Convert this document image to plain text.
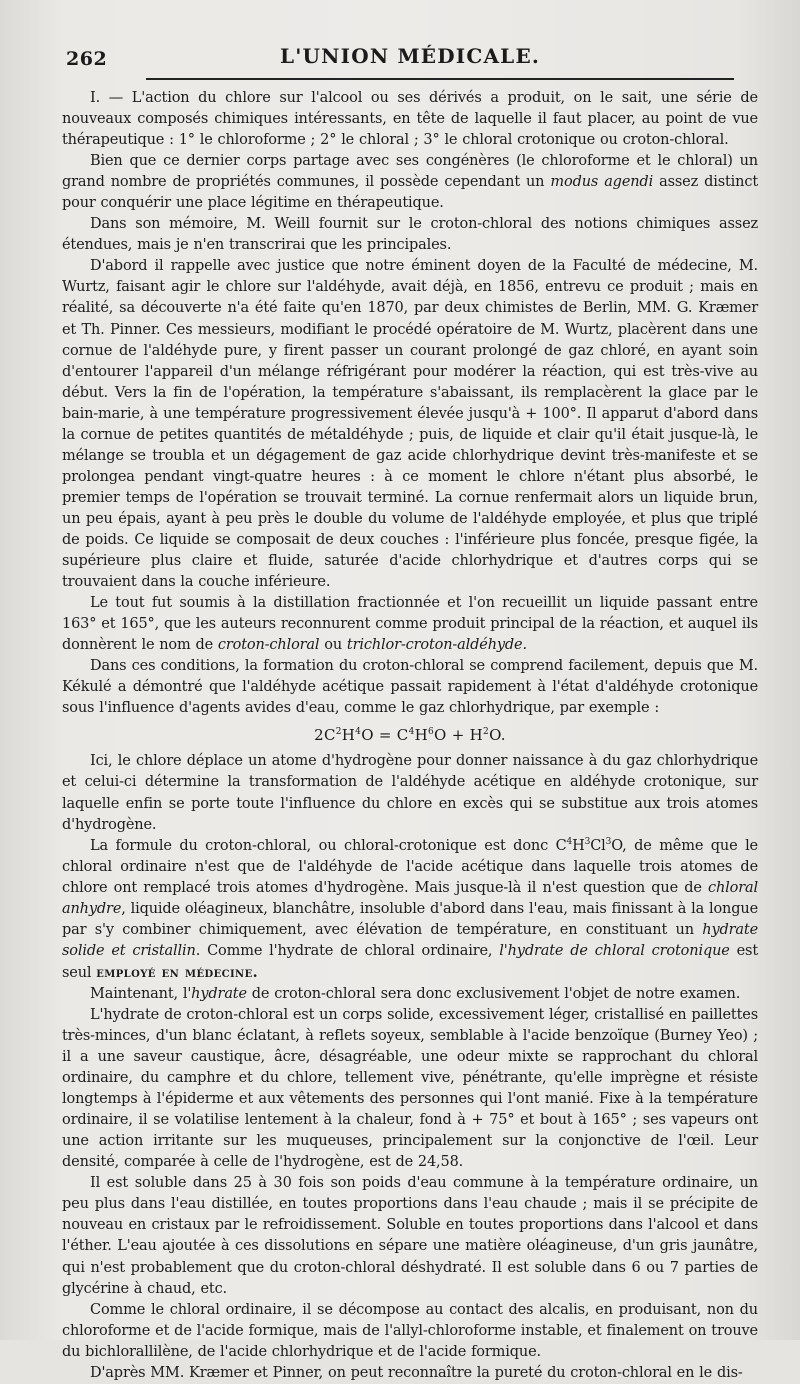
262	L'UNION MÉDICALE.

I. — L'action du chlore sur l'alcool ou ses dérivés a produit, on le sait, une série de nouveaux composés chimiques intéressants, en tête de laquelle il faut placer, au point de vue thérapeutique : 1° le chloroforme ; 2° le chloral ; 3° le chloral crotonique ou croton-chloral.

Bien que ce dernier corps partage avec ses congénères (le chloroforme et le chloral) un grand nombre de propriétés communes, il possède cependant un modus agendi assez distinct pour conquérir une place légitime en thérapeutique.

Dans son mémoire, M. Weill fournit sur le croton-chloral des notions chimiques assez étendues, mais je n'en transcrirai que les principales.

D'abord il rappelle avec justice que notre éminent doyen de la Faculté de médecine, M. Wurtz, faisant agir le chlore sur l'aldéhyde, avait déjà, en 1856, entrevu ce produit ; mais en réalité, sa découverte n'a été faite qu'en 1870, par deux chimistes de Berlin, MM. G. Kræmer et Th. Pinner. Ces messieurs, modifiant le procédé opératoire de M. Wurtz, placèrent dans une cornue de l'aldéhyde pure, y firent passer un courant prolongé de gaz chloré, en ayant soin d'entourer l'appareil d'un mélange réfrigérant pour modérer la réaction, qui est très-vive au début. Vers la fin de l'opération, la température s'abaissant, ils remplacèrent la glace par le bain-marie, à une température progressivement élevée jusqu'à + 100°. Il apparut d'abord dans la cornue de petites quantités de métaldéhyde ; puis, de liquide et clair qu'il était jusque-là, le mélange se troubla et un dégagement de gaz acide chlorhydrique devint très-manifeste et se prolongea pendant vingt-quatre heures : à ce moment le chlore n'étant plus absorbé, le premier temps de l'opération se trouvait terminé. La cornue renfermait alors un liquide brun, un peu épais, ayant à peu près le double du volume de l'aldéhyde employée, et plus que triplé de poids. Ce liquide se composait de deux couches : l'inférieure plus foncée, presque figée, la supérieure plus claire et fluide, saturée d'acide chlorhydrique et d'autres corps qui se trouvaient dans la couche inférieure.

Le tout fut soumis à la distillation fractionnée et l'on recueillit un liquide passant entre 163° et 165°, que les auteurs reconnurent comme produit principal de la réaction, et auquel ils donnèrent le nom de croton-chloral ou trichlor-croton-aldéhyde.

Dans ces conditions, la formation du croton-chloral se comprend facilement, depuis que M. Kékulé a démontré que l'aldéhyde acétique passait rapidement à l'état d'aldéhyde crotonique sous l'influence d'agents avides d'eau, comme le gaz chlorhydrique, par exemple :

$2C^2H^4O = C^4H^6O + H^2O$.

Ici, le chlore déplace un atome d'hydrogène pour donner naissance à du gaz chlorhydrique et celui-ci détermine la transformation de l'aldéhyde acétique en aldéhyde crotonique, sur laquelle enfin se porte toute l'influence du chlore en excès qui se substitue aux trois atomes d'hydrogène.

La formule du croton-chloral, ou chloral-crotonique est donc $C^4H^3Cl^3O$, de même que le chloral ordinaire n'est que de l'aldéhyde de l'acide acétique dans laquelle trois atomes de chlore ont remplacé trois atomes d'hydrogène. Mais jusque-là il n'est question que de chloral anhydre, liquide oléagineux, blanchâtre, insoluble d'abord dans l'eau, mais finissant à la longue par s'y combiner chimiquement, avec élévation de température, en constituant un hydrate solide et cristallin. Comme l'hydrate de chloral ordinaire, l'hydrate de chloral crotonique est seul employé en médecine.

Maintenant, l'hydrate de croton-chloral sera donc exclusivement l'objet de notre examen.

L'hydrate de croton-chloral est un corps solide, excessivement léger, cristallisé en paillettes très-minces, d'un blanc éclatant, à reflets soyeux, semblable à l'acide benzoïque (Burney Yeo) ; il a une saveur caustique, âcre, désagréable, une odeur mixte se rapprochant du chloral ordinaire, du camphre et du chlore, tellement vive, pénétrante, qu'elle imprègne et résiste longtemps à l'épiderme et aux vêtements des personnes qui l'ont manié. Fixe à la température ordinaire, il se volatilise lentement à la chaleur, fond à + 75° et bout à 165° ; ses vapeurs ont une action irritante sur les muqueuses, principalement sur la conjonctive de l'œil. Leur densité, comparée à celle de l'hydrogène, est de 24,58.

Il est soluble dans 25 à 30 fois son poids d'eau commune à la température ordinaire, un peu plus dans l'eau distillée, en toutes proportions dans l'eau chaude ; mais il se précipite de nouveau en cristaux par le refroidissement. Soluble en toutes proportions dans l'alcool et dans l'éther. L'eau ajoutée à ces dissolutions en sépare une matière oléagineuse, d'un gris jaunâtre, qui n'est probablement que du croton-chloral déshydraté. Il est soluble dans 6 ou 7 parties de glycérine à chaud, etc.

Comme le chloral ordinaire, il se décompose au contact des alcalis, en produisant, non du chloroforme et de l'acide formique, mais de l'allyl-chloroforme instable, et finalement on trouve du bichlorallilène, de l'acide chlorhydrique et de l'acide formique.

D'après MM. Kræmer et Pinner, on peut reconnaître la pureté du croton-chloral en le dis-
